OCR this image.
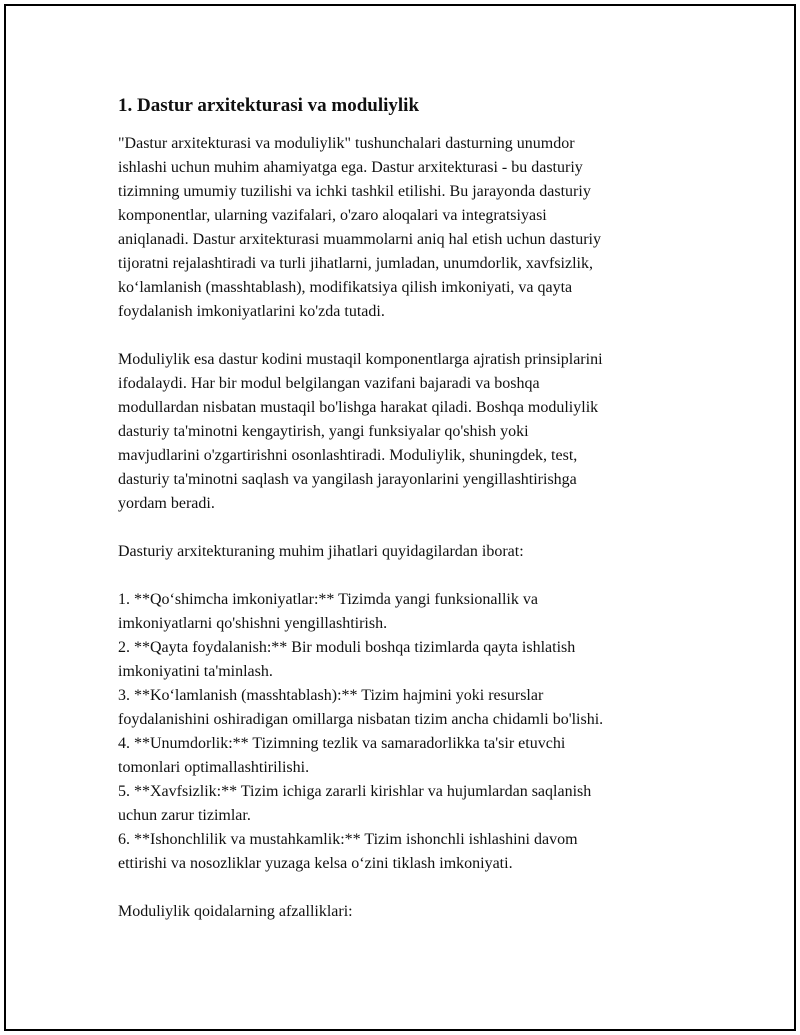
1. Dastur arxitekturasi va moduliylik
"Dastur arxitekturasi va moduliylik" tushunchalari dasturning unumdor
ishlashi uchun muhim ahamiyatga ega. Dastur arxitekturasi - bu dasturiy
tizimning umumiy tuzilishi va ichki tashkil etilishi. Bu jarayonda dasturiy
komponentlar, ularning vazifalari, o'zaro aloqalari va integratsiyasi
aniqlanadi. Dastur arxitekturasi muammolarni aniq hal etish uchun dasturiy
tijoratni rejalashtiradi va turli jihatlarni, jumladan, unumdorlik, xavfsizlik,
koʻlamlanish (masshtablash), modifikatsiya qilish imkoniyati, va qayta
foydalanish imkoniyatlarini ko'zda tutadi.
Moduliylik esa dastur kodini mustaqil komponentlarga ajratish prinsiplarini
ifodalaydi. Har bir modul belgilangan vazifani bajaradi va boshqa
modullardan nisbatan mustaqil bo'lishga harakat qiladi. Boshqa moduliylik
dasturiy ta'minotni kengaytirish, yangi funksiyalar qo'shish yoki
mavjudlarini o'zgartirishni osonlashtiradi. Moduliylik, shuningdek, test,
dasturiy ta'minotni saqlash va yangilash jarayonlarini yengillashtirishga
yordam beradi.
Dasturiy arxitekturaning muhim jihatlari quyidagilardan iborat:
1. **Qoʻshimcha imkoniyatlar:** Tizimda yangi funksionallik va
imkoniyatlarni qo'shishni yengillashtirish.
2. **Qayta foydalanish:** Bir moduli boshqa tizimlarda qayta ishlatish
imkoniyatini ta'minlash.
3. **Koʻlamlanish (masshtablash):** Tizim hajmini yoki resurslar
foydalanishini oshiradigan omillarga nisbatan tizim ancha chidamli bo'lishi.
4. **Unumdorlik:** Tizimning tezlik va samaradorlikka ta'sir etuvchi
tomonlari optimallashtirilishi.
5. **Xavfsizlik:** Tizim ichiga zararli kirishlar va hujumlardan saqlanish
uchun zarur tizimlar.
6. **Ishonchlilik va mustahkamlik:** Tizim ishonchli ishlashini davom
ettirishi va nosozliklar yuzaga kelsa oʻzini tiklash imkoniyati.
Moduliylik qoidalarning afzalliklari:
